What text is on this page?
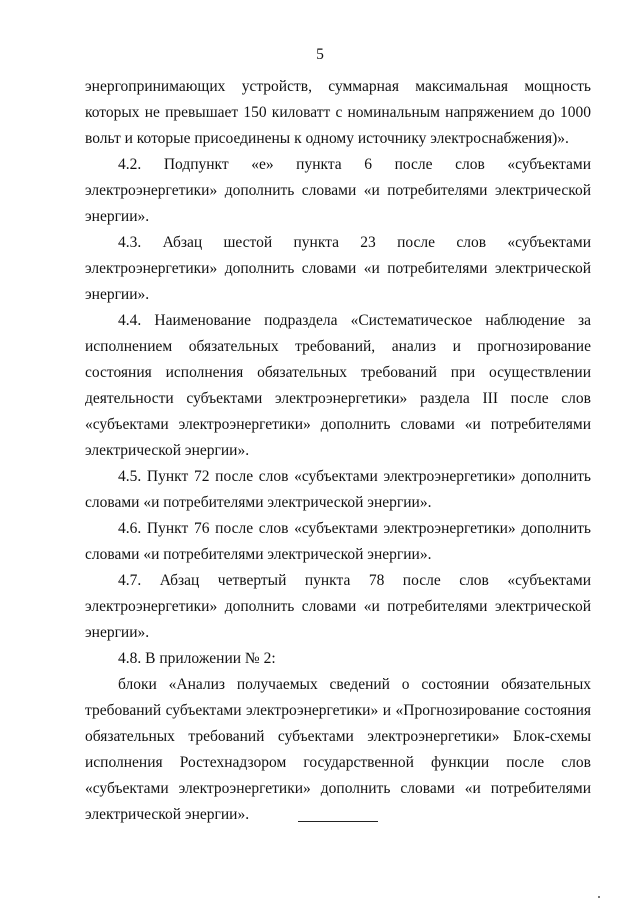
5

энергопринимающих устройств, суммарная максимальная мощность которых не превышает 150 киловатт с номинальным напряжением до 1000 вольт и которые присоединены к одному источнику электроснабжения)».

4.2. Подпункт «е» пункта 6 после слов «субъектами электроэнергетики» дополнить словами «и потребителями электрической энергии».

4.3. Абзац шестой пункта 23 после слов «субъектами электроэнергетики» дополнить словами «и потребителями электрической энергии».

4.4. Наименование подраздела «Систематическое наблюдение за исполнением обязательных требований, анализ и прогнозирование состояния исполнения обязательных требований при осуществлении деятельности субъектами электроэнергетики» раздела III после слов «субъектами электроэнергетики» дополнить словами «и потребителями электрической энергии».

4.5. Пункт 72 после слов «субъектами электроэнергетики» дополнить словами «и потребителями электрической энергии».

4.6. Пункт 76 после слов «субъектами электроэнергетики» дополнить словами «и потребителями электрической энергии».

4.7. Абзац четвертый пункта 78 после слов «субъектами электроэнергетики» дополнить словами «и потребителями электрической энергии».

4.8. В приложении № 2:

блоки «Анализ получаемых сведений о состоянии обязательных требований субъектами электроэнергетики» и «Прогнозирование состояния обязательных требований субъектами электроэнергетики» Блок-схемы исполнения Ростехнадзором государственной функции после слов «субъектами электроэнергетики» дополнить словами «и потребителями электрической энергии».
